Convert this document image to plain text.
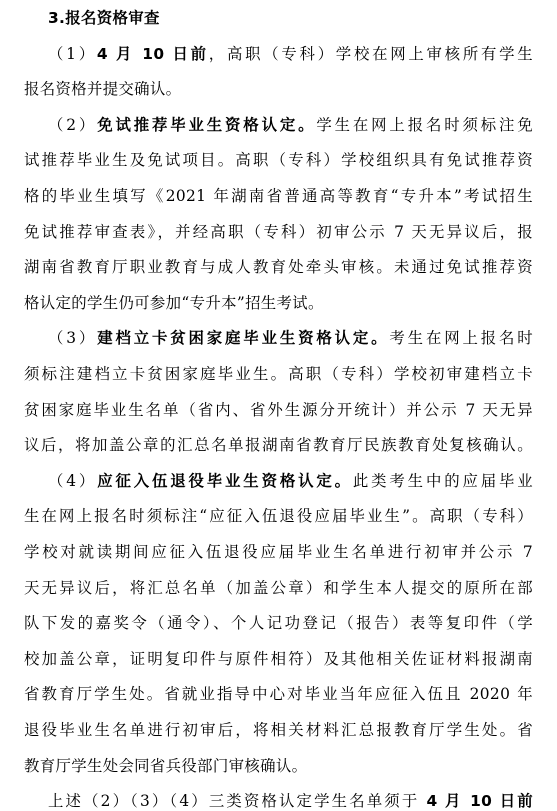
3.报名资格审查
（1）4 月 10 日前，高职（专科）学校在网上审核所有学生
报名资格并提交确认。
（2）免试推荐毕业生资格认定。学生在网上报名时须标注免
试推荐毕业生及免试项目。高职（专科）学校组织具有免试推荐资
格的毕业生填写《2021 年湖南省普通高等教育“专升本”考试招生
免试推荐审查表》，并经高职（专科）初审公示 7 天无异议后，报
湖南省教育厅职业教育与成人教育处牵头审核。未通过免试推荐资
格认定的学生仍可参加“专升本”招生考试。
（3）建档立卡贫困家庭毕业生资格认定。考生在网上报名时
须标注建档立卡贫困家庭毕业生。高职（专科）学校初审建档立卡
贫困家庭毕业生名单（省内、省外生源分开统计）并公示 7 天无异
议后，将加盖公章的汇总名单报湖南省教育厅民族教育处复核确认。
（4）应征入伍退役毕业生资格认定。此类考生中的应届毕业
生在网上报名时须标注“应征入伍退役应届毕业生”。高职（专科）
学校对就读期间应征入伍退役应届毕业生名单进行初审并公示 7
天无异议后，将汇总名单（加盖公章）和学生本人提交的原所在部
队下发的嘉奖令（通令）、个人记功登记（报告）表等复印件（学
校加盖公章，证明复印件与原件相符）及其他相关佐证材料报湖南
省教育厅学生处。省就业指导中心对毕业当年应征入伍且 2020 年
退役毕业生名单进行初审后，将相关材料汇总报教育厅学生处。省
教育厅学生处会同省兵役部门审核确认。
上述（2）（3）（4）三类资格认定学生名单须于 4 月 10 日前
